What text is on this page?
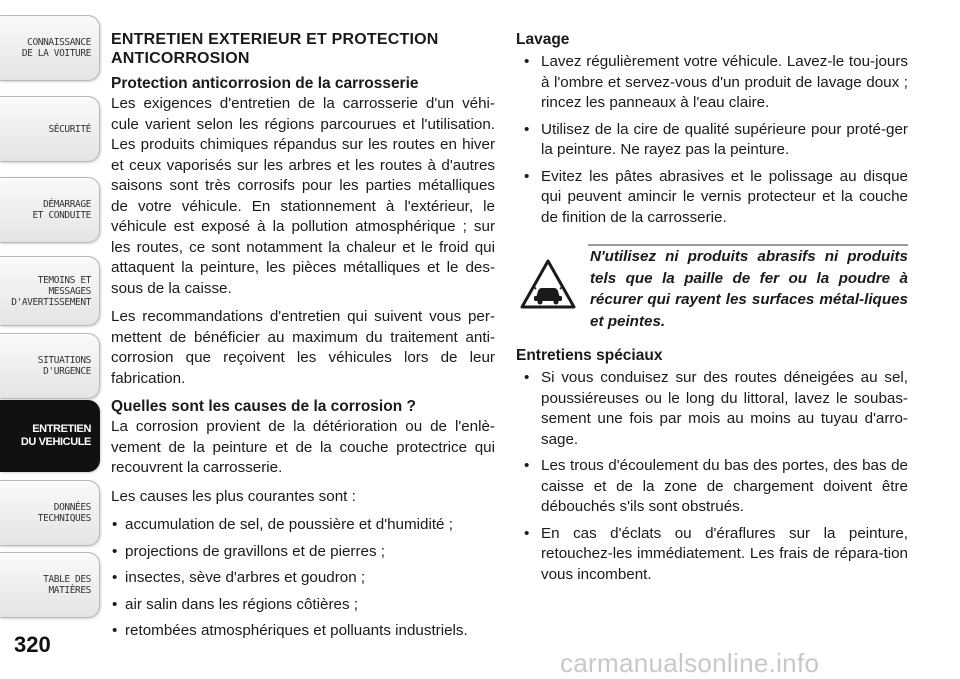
CONNAISSANCE
DE LA VOITURE
SÉCURITÉ
DÉMARRAGE
ET CONDUITE
TEMOINS ET
MESSAGES
D'AVERTISSEMENT
SITUATIONS
D'URGENCE
ENTRETIEN
DU VEHICULE
DONNÉES
TECHNIQUES
TABLE DES
MATIÈRES
320
ENTRETIEN EXTERIEUR ET PROTECTION ANTICORROSION
Protection anticorrosion de la carrosserie

Les exigences d'entretien de la carrosserie d'un véhi-cule varient selon les régions parcourues et l'utilisation. Les produits chimiques répandus sur les routes en hiver et ceux vaporisés sur les arbres et les routes à d'autres saisons sont très corrosifs pour les parties métalliques de votre véhicule. En stationnement à l'extérieur, le véhicule est exposé à la pollution atmosphérique ; sur les routes, ce sont notamment la chaleur et le froid qui attaquent la peinture, les pièces métalliques et le des-sous de la caisse.

Les recommandations d'entretien qui suivent vous per-mettent de bénéficier au maximum du traitement anti-corrosion que reçoivent les véhicules lors de leur fabrication.

Quelles sont les causes de la corrosion ?

La corrosion provient de la détérioration ou de l'enlè-vement de la peinture et de la couche protectrice qui recouvrent la carrosserie.

Les causes les plus courantes sont :

• accumulation de sel, de poussière et d'humidité ;
• projections de gravillons et de pierres ;
• insectes, sève d'arbres et goudron ;
• air salin dans les régions côtières ;
• retombées atmosphériques et polluants industriels.
Lavage
• Lavez régulièrement votre véhicule. Lavez-le tou-jours à l'ombre et servez-vous d'un produit de lavage doux ; rincez les panneaux à l'eau claire.
• Utilisez de la cire de qualité supérieure pour proté-ger la peinture. Ne rayez pas la peinture.
• Evitez les pâtes abrasives et le polissage au disque qui peuvent amincir le vernis protecteur et la couche de finition de la carrosserie.
N'utilisez ni produits abrasifs ni produits tels que la paille de fer ou la poudre à récurer qui rayent les surfaces métal-liques et peintes.
Entretiens spéciaux
• Si vous conduisez sur des routes déneigées au sel, poussiéreuses ou le long du littoral, lavez le soubas-sement une fois par mois au moins au tuyau d'arro-sage.
• Les trous d'écoulement du bas des portes, des bas de caisse et de la zone de chargement doivent être débouchés s'ils sont obstrués.
• En cas d'éclats ou d'éraflures sur la peinture, retouchez-les immédiatement. Les frais de répara-tion vous incombent.
carmanualsonline.info
